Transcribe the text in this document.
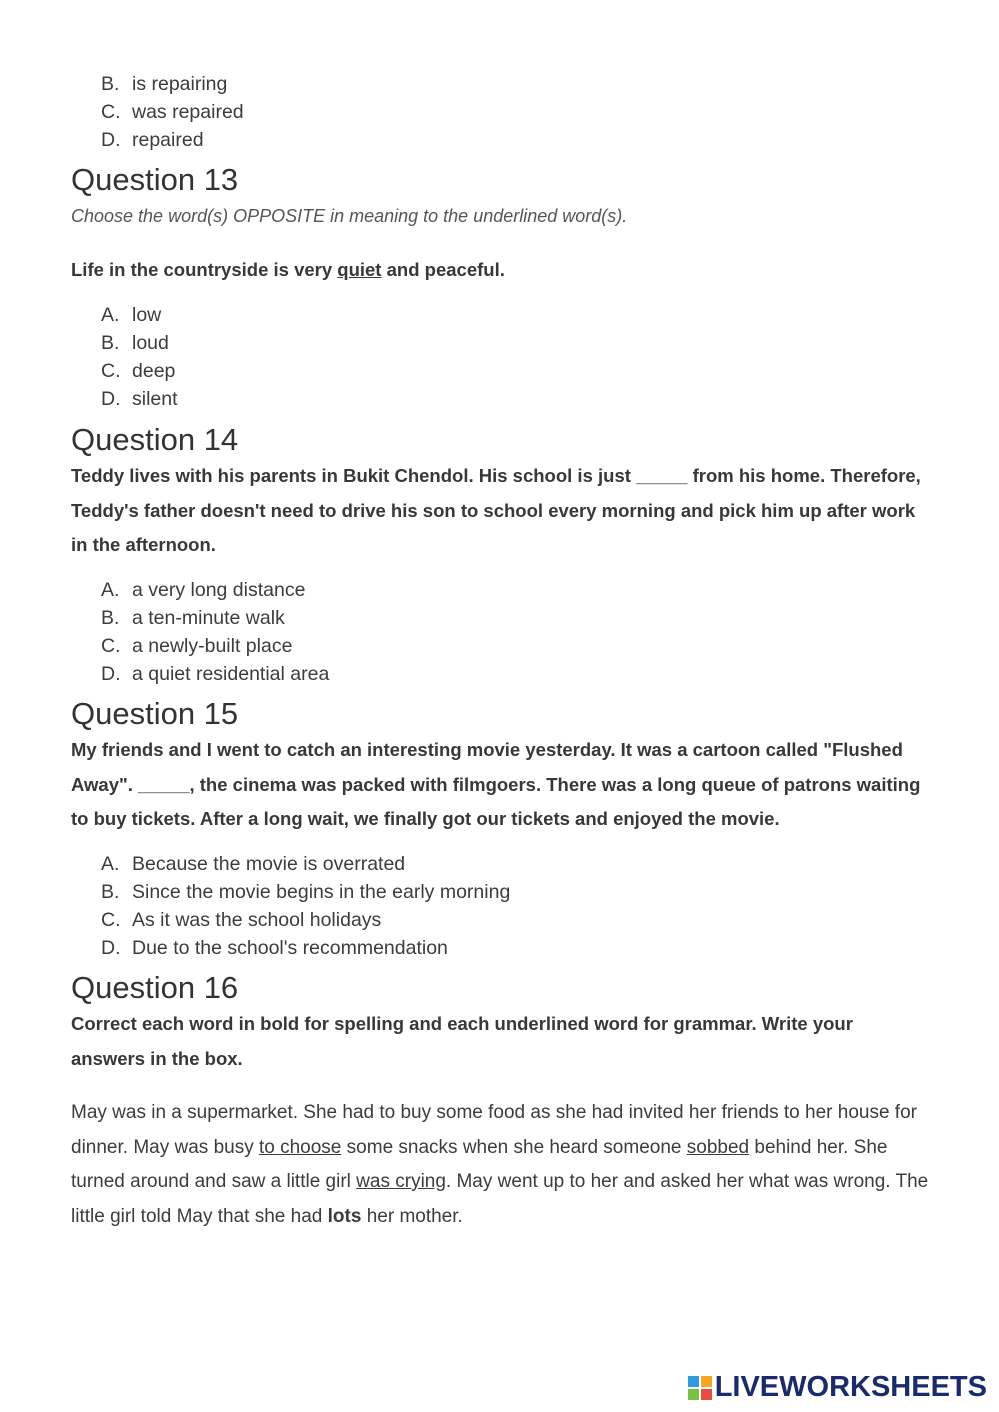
B. is repairing
C. was repaired
D. repaired
Question 13

Choose the word(s) OPPOSITE in meaning to the underlined word(s).

Life in the countryside is very quiet and peaceful.

A. low
B. loud
C. deep
D. silent
Question 14

Teddy lives with his parents in Bukit Chendol. His school is just _____ from his home. Therefore, Teddy's father doesn't need to drive his son to school every morning and pick him up after work in the afternoon.

A. a very long distance
B. a ten-minute walk
C. a newly-built place
D. a quiet residential area
Question 15

My friends and I went to catch an interesting movie yesterday. It was a cartoon called "Flushed Away". _____, the cinema was packed with filmgoers. There was a long queue of patrons waiting to buy tickets. After a long wait, we finally got our tickets and enjoyed the movie.

A. Because the movie is overrated
B. Since the movie begins in the early morning
C. As it was the school holidays
D. Due to the school's recommendation
Question 16

Correct each word in bold for spelling and each underlined word for grammar. Write your answers in the box.

May was in a supermarket. She had to buy some food as she had invited her friends to her house for dinner. May was busy to choose some snacks when she heard someone sobbed behind her. She turned around and saw a little girl was crying. May went up to her and asked her what was wrong. The little girl told May that she had lots her mother.

LIVEWORKSHEETS
